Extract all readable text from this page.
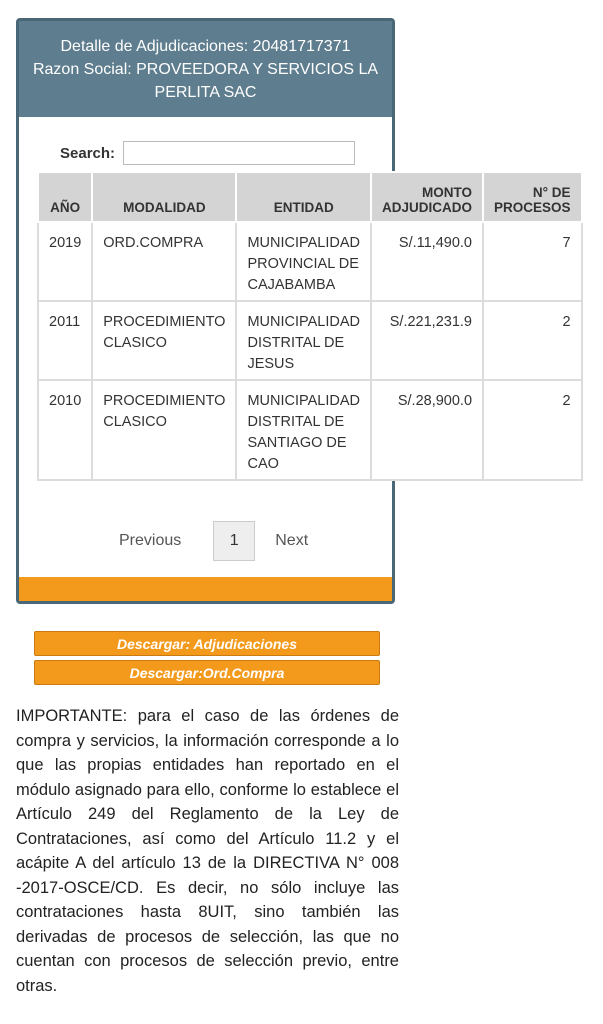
Detalle de Adjudicaciones: 20481717371
Razon Social: PROVEEDORA Y SERVICIOS LA PERLITA SAC
Search:
AÑO	MODALIDAD	ENTIDAD	MONTO ADJUDICADO	N° DE PROCESOS
2019	ORD.COMPRA	MUNICIPALIDAD PROVINCIAL DE CAJABAMBA	S/.11,490.0	7
2011	PROCEDIMIENTO CLASICO	MUNICIPALIDAD DISTRITAL DE JESUS	S/.221,231.9	2
2010	PROCEDIMIENTO CLASICO	MUNICIPALIDAD DISTRITAL DE SANTIAGO DE CAO	S/.28,900.0	2
Previous	1	Next
Descargar: Adjudicaciones
Descargar:Ord.Compra
IMPORTANTE: para el caso de las órdenes de compra y servicios, la información corresponde a lo que las propias entidades han reportado en el módulo asignado para ello, conforme lo establece el Artículo 249 del Reglamento de la Ley de Contrataciones, así como del Artículo 11.2 y el acápite A del artículo 13 de la DIRECTIVA N° 008 -2017-OSCE/CD. Es decir, no sólo incluye las contrataciones hasta 8UIT, sino también las derivadas de procesos de selección, las que no cuentan con procesos de selección previo, entre otras.
